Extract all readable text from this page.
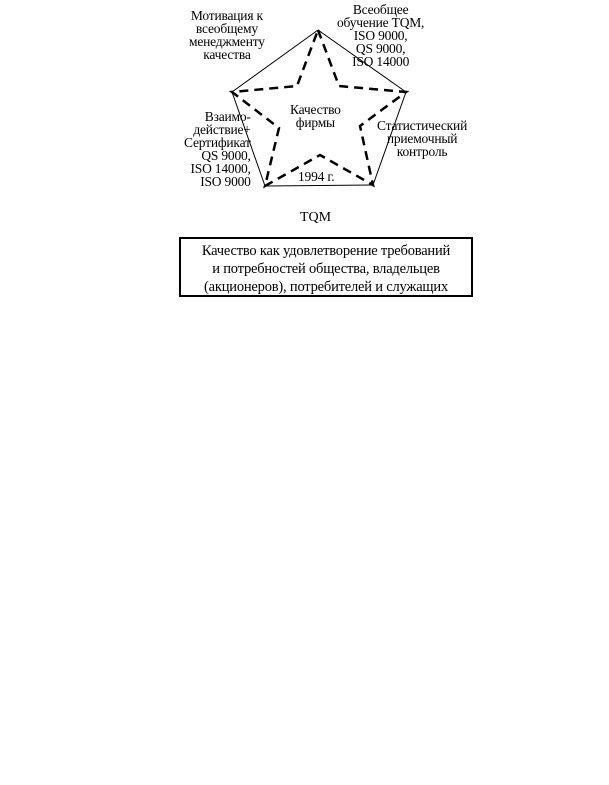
Мотивация к
всеобщему
менеджменту
качества
Всеобщее
обучение TQM,
ISO 9000,
QS 9000,
ISO 14000
Взаимо-
действие+
Сертификат
QS 9000,
ISO 14000,
ISO 9000
Статистический
приемочный
контроль
Качество
фирмы
1994 г.
TQM
Качество как удовлетворение требований
и потребностей общества, владельцев
(акционеров), потребителей и служащих
